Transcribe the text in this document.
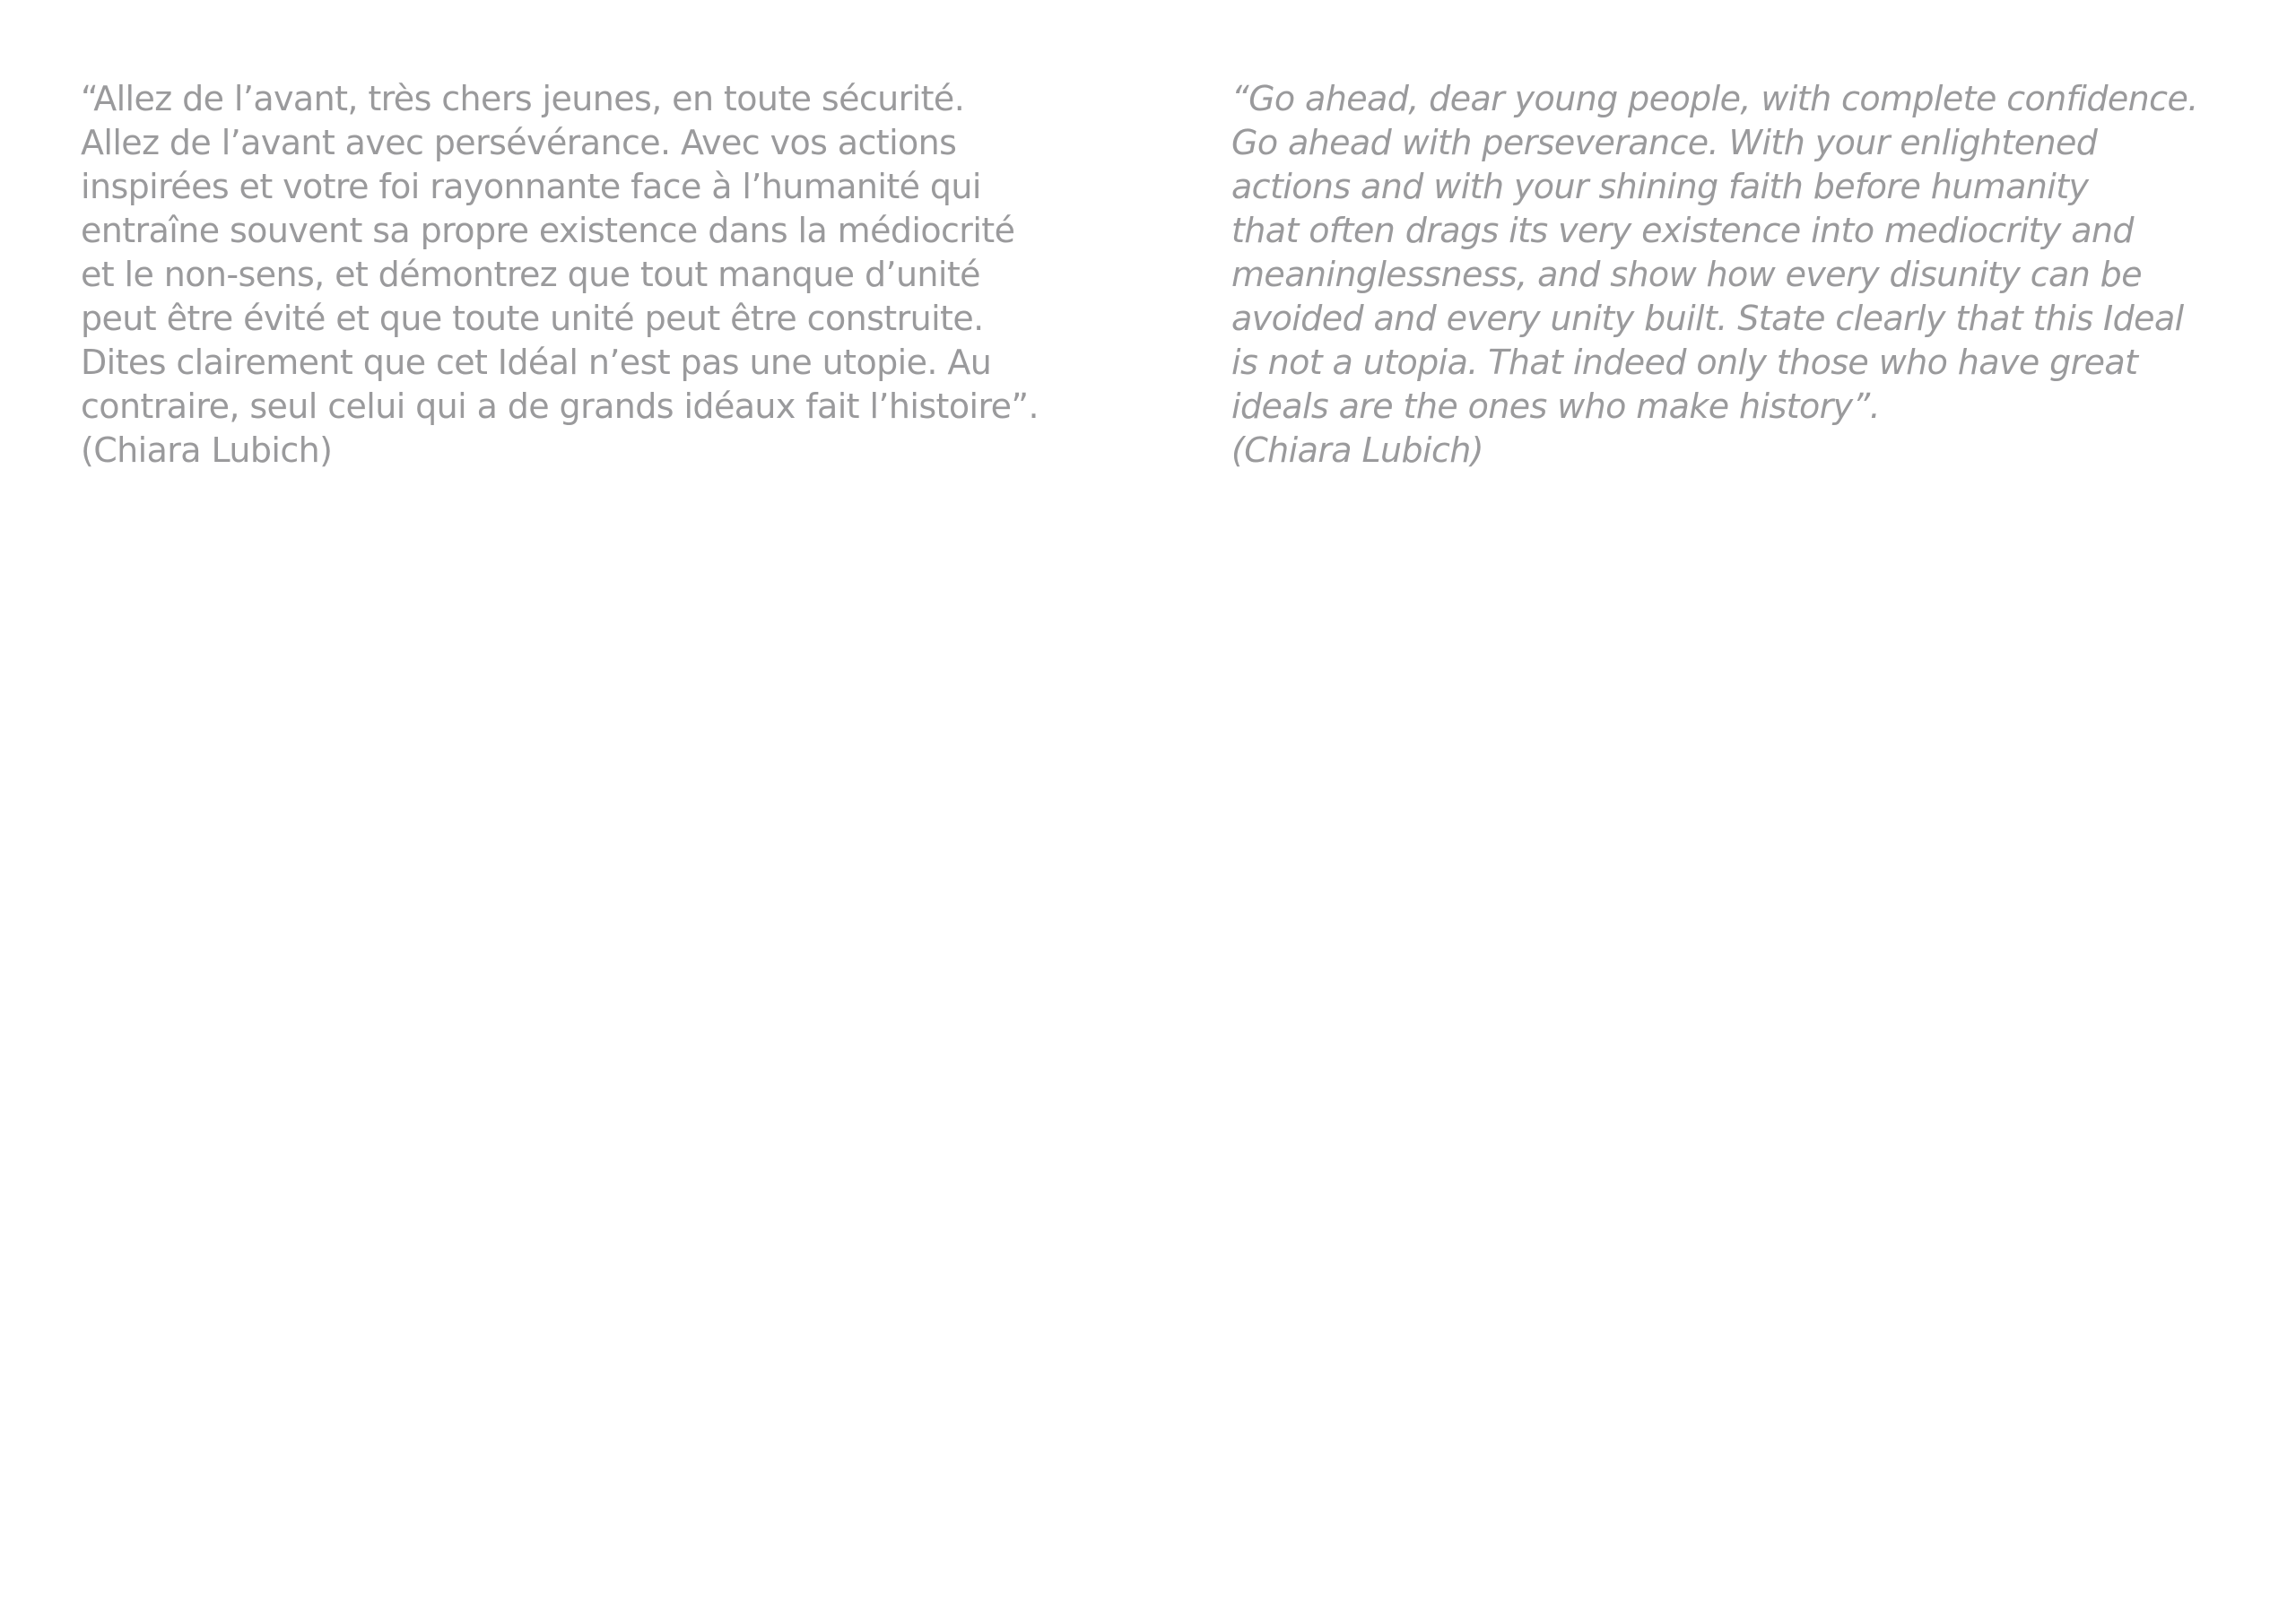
“Allez de l’avant, très chers jeunes, en toute sécurité.
Allez de l’avant avec persévérance. Avec vos actions
inspirées et votre foi rayonnante face à l’humanité qui
entraîne souvent sa propre existence dans la médiocrité
et le non-sens, et démontrez que tout manque d’unité
peut être évité et que toute unité peut être construite.
Dites clairement que cet Idéal n’est pas une utopie. Au
contraire, seul celui qui a de grands idéaux fait l’histoire”.
(Chiara Lubich)

“Go ahead, dear young people, with complete confidence.
Go ahead with perseverance. With your enlightened
actions and with your shining faith before humanity
that often drags its very existence into mediocrity and
meaninglessness, and show how every disunity can be
avoided and every unity built. State clearly that this Ideal
is not a utopia. That indeed only those who have great
ideals are the ones who make history”.
(Chiara Lubich)
